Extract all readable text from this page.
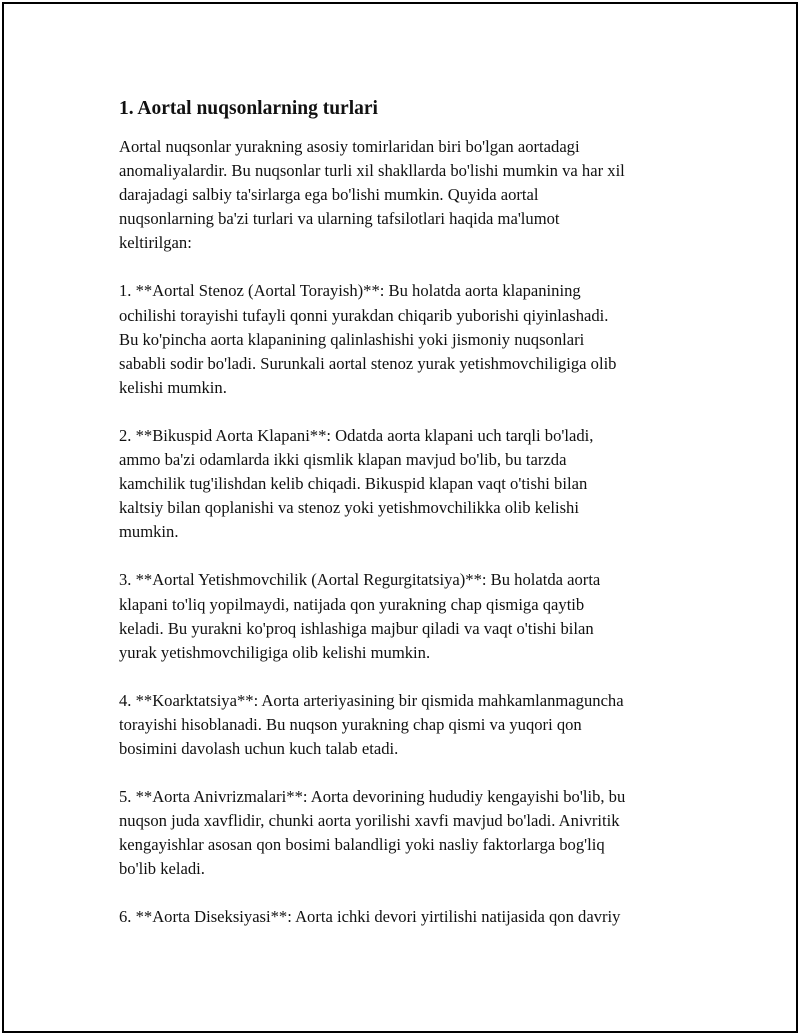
1. Aortal nuqsonlarning turlari
Aortal nuqsonlar yurakning asosiy tomirlaridan biri bo'lgan aortadagi
anomaliyalardir. Bu nuqsonlar turli xil shakllarda bo'lishi mumkin va har xil
darajadagi salbiy ta'sirlarga ega bo'lishi mumkin. Quyida aortal
nuqsonlarning ba'zi turlari va ularning tafsilotlari haqida ma'lumot
keltirilgan:
1. **Aortal Stenoz (Aortal Torayish)**: Bu holatda aorta klapanining
ochilishi torayishi tufayli qonni yurakdan chiqarib yuborishi qiyinlashadi.
Bu ko'pincha aorta klapanining qalinlashishi yoki jismoniy nuqsonlari
sababli sodir bo'ladi. Surunkali aortal stenoz yurak yetishmovchiligiga olib
kelishi mumkin.
2. **Bikuspid Aorta Klapani**: Odatda aorta klapani uch tarqli bo'ladi,
ammo ba'zi odamlarda ikki qismlik klapan mavjud bo'lib, bu tarzda
kamchilik tug'ilishdan kelib chiqadi. Bikuspid klapan vaqt o'tishi bilan
kaltsiy bilan qoplanishi va stenoz yoki yetishmovchilikka olib kelishi
mumkin.
3. **Aortal Yetishmovchilik (Aortal Regurgitatsiya)**: Bu holatda aorta
klapani to'liq yopilmaydi, natijada qon yurakning chap qismiga qaytib
keladi. Bu yurakni ko'proq ishlashiga majbur qiladi va vaqt o'tishi bilan
yurak yetishmovchiligiga olib kelishi mumkin.
4. **Koarktatsiya**: Aorta arteriyasining bir qismida mahkamlanmaguncha
torayishi hisoblanadi. Bu nuqson yurakning chap qismi va yuqori qon
bosimini davolash uchun kuch talab etadi.
5. **Aorta Anivrizmalari**: Aorta devorining hududiy kengayishi bo'lib, bu
nuqson juda xavflidir, chunki aorta yorilishi xavfi mavjud bo'ladi. Anivritik
kengayishlar asosan qon bosimi balandligi yoki nasliy faktorlarga bog'liq
bo'lib keladi.
6. **Aorta Diseksiyasi**: Aorta ichki devori yirtilishi natijasida qon davriy
